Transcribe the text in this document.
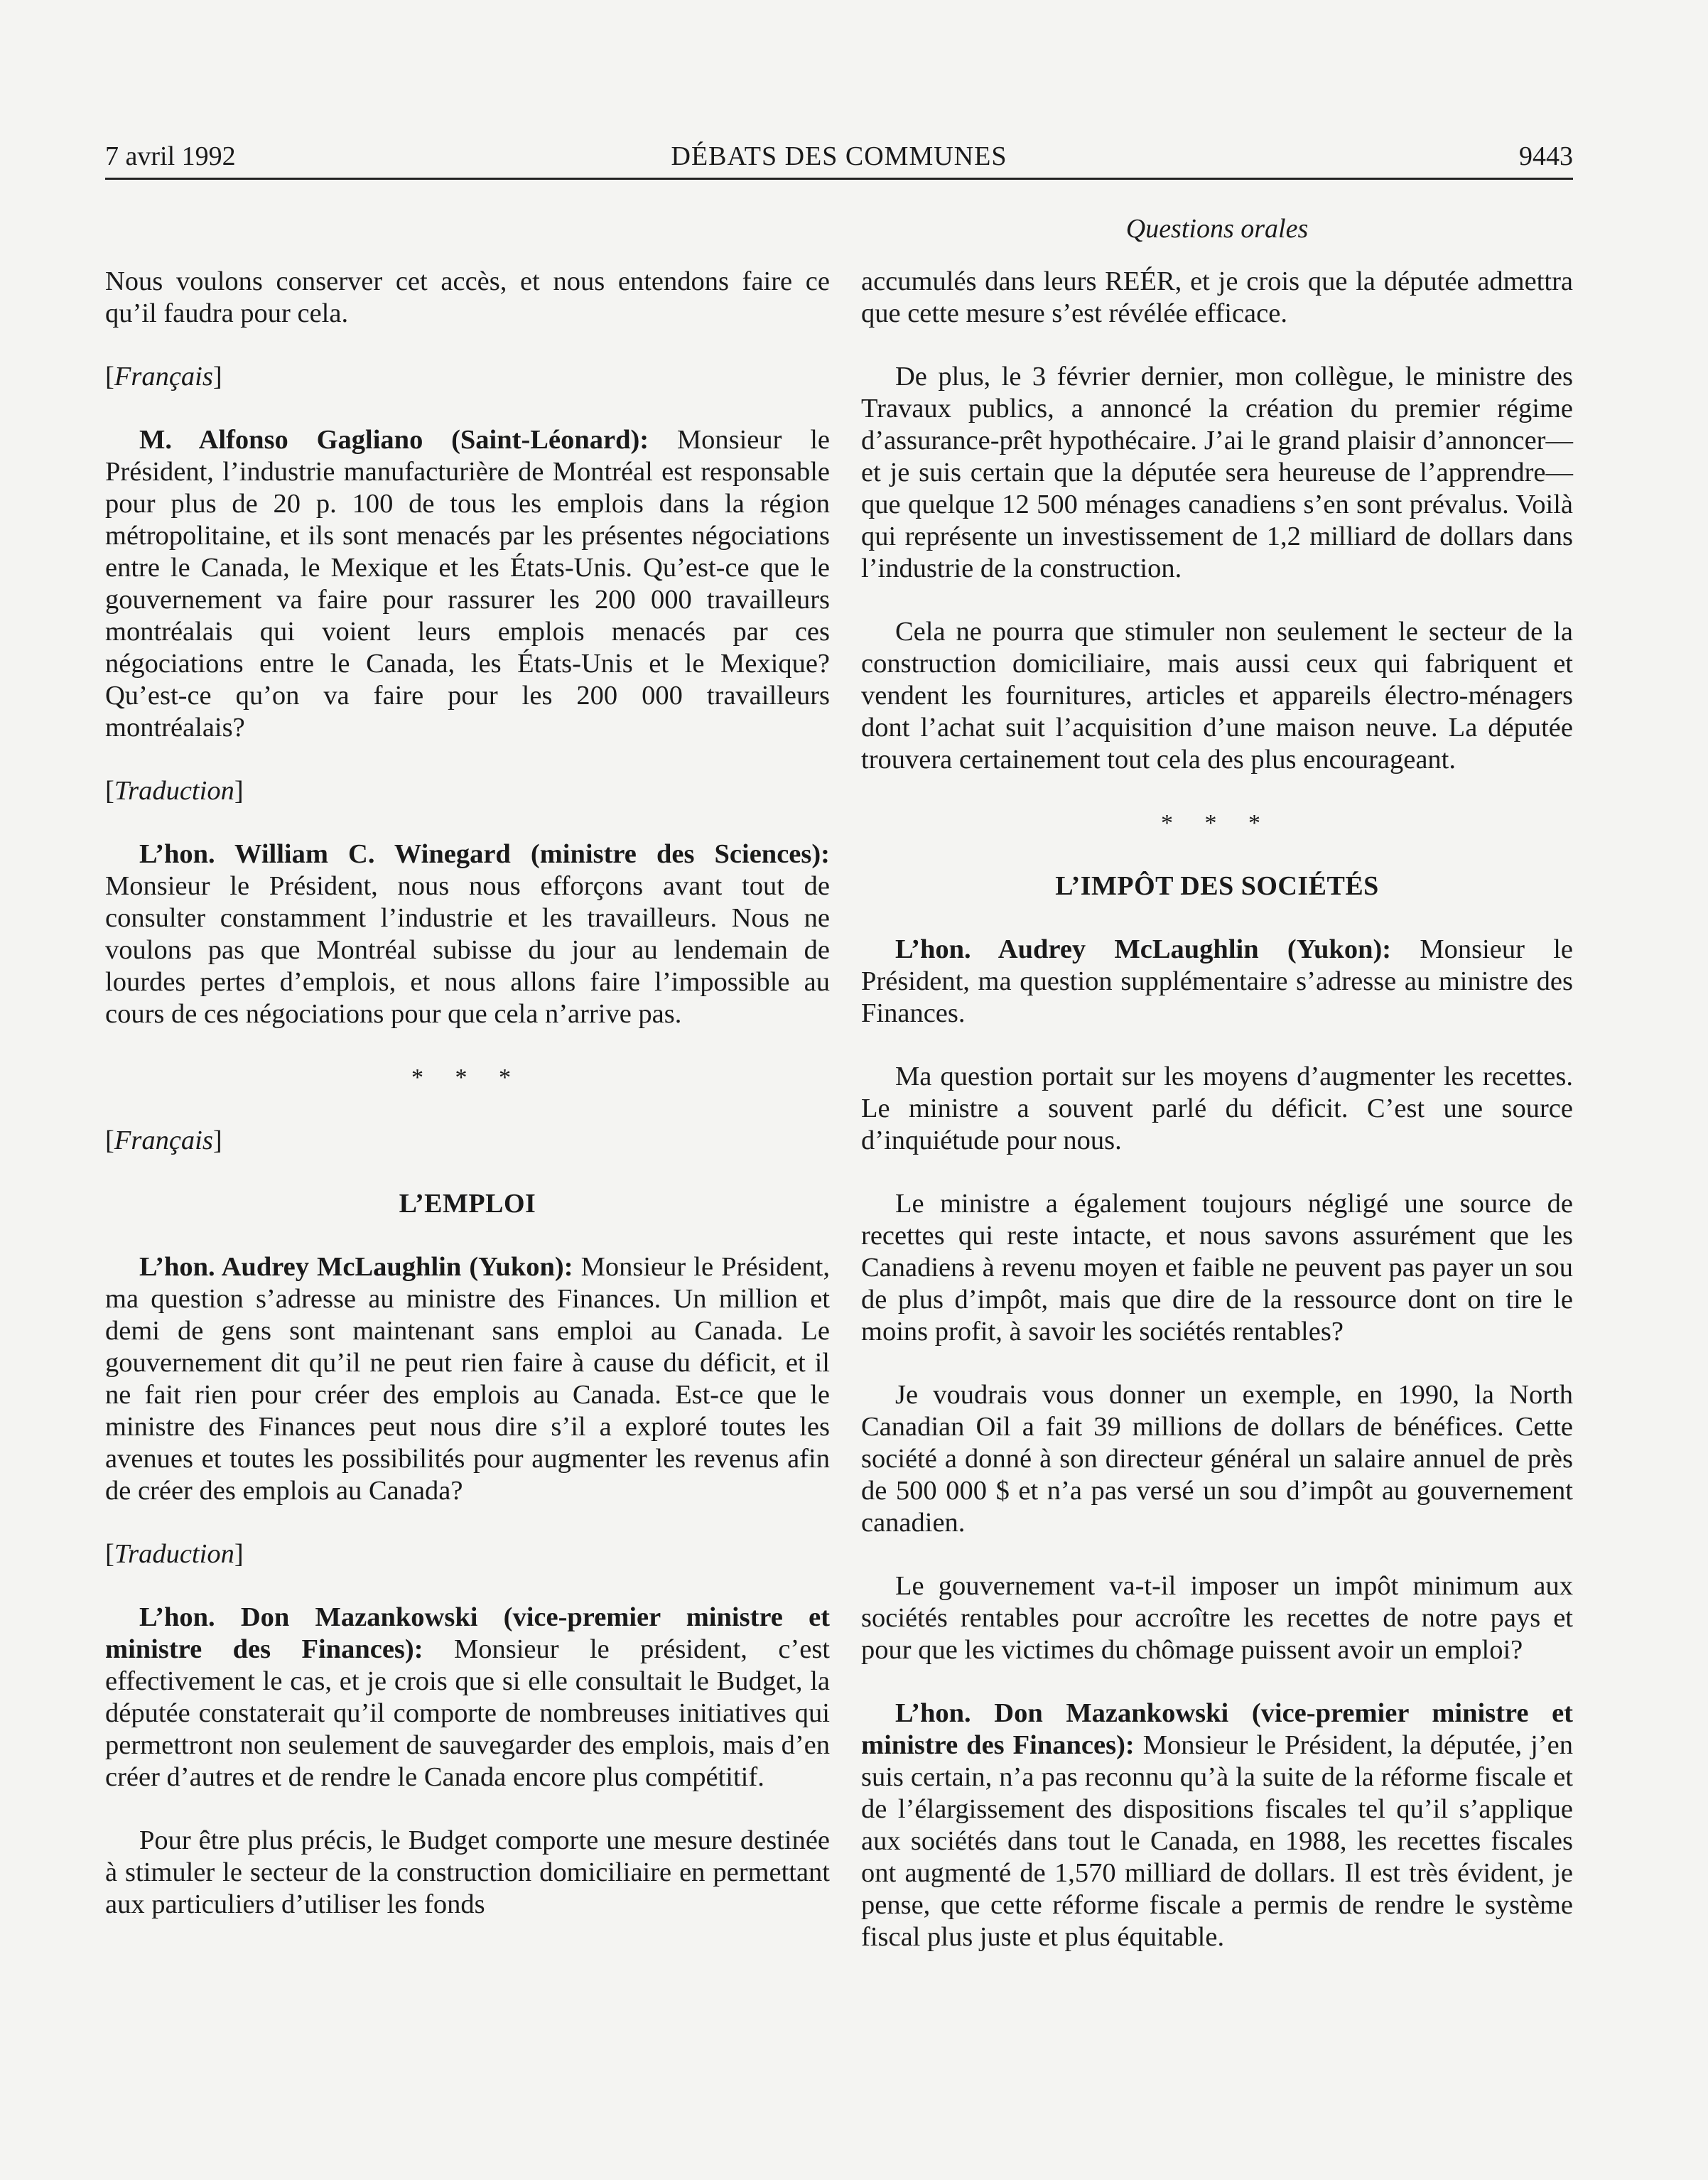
7 avril 1992	DÉBATS DES COMMUNES	9443
Questions orales

Nous voulons conserver cet accès, et nous entendons faire ce qu’il faudra pour cela.

[Français]

M. Alfonso Gagliano (Saint-Léonard): Monsieur le Président, l’industrie manufacturière de Montréal est responsable pour plus de 20 p. 100 de tous les emplois dans la région métropolitaine, et ils sont menacés par les présentes négociations entre le Canada, le Mexique et les États-Unis. Qu’est-ce que le gouvernement va faire pour rassurer les 200 000 travailleurs montréalais qui voient leurs emplois menacés par ces négociations entre le Canada, les États-Unis et le Mexique? Qu’est-ce qu’on va faire pour les 200 000 travailleurs montréalais?

[Traduction]

L’hon. William C. Winegard (ministre des Sciences): Monsieur le Président, nous nous efforçons avant tout de consulter constamment l’industrie et les travailleurs. Nous ne voulons pas que Montréal subisse du jour au lendemain de lourdes pertes d’emplois, et nous allons faire l’impossible au cours de ces négociations pour que cela n’arrive pas.

* * *
[Français]
L’EMPLOI

L’hon. Audrey McLaughlin (Yukon): Monsieur le Président, ma question s’adresse au ministre des Finances. Un million et demi de gens sont maintenant sans emploi au Canada. Le gouvernement dit qu’il ne peut rien faire à cause du déficit, et il ne fait rien pour créer des emplois au Canada. Est-ce que le ministre des Finances peut nous dire s’il a exploré toutes les avenues et toutes les possibilités pour augmenter les revenus afin de créer des emplois au Canada?

[Traduction]

L’hon. Don Mazankowski (vice-premier ministre et ministre des Finances): Monsieur le président, c’est effectivement le cas, et je crois que si elle consultait le Budget, la députée constaterait qu’il comporte de nombreuses initiatives qui permettront non seulement de sauvegarder des emplois, mais d’en créer d’autres et de rendre le Canada encore plus compétitif.

Pour être plus précis, le Budget comporte une mesure destinée à stimuler le secteur de la construction domiciliaire en permettant aux particuliers d’utiliser les fonds

accumulés dans leurs REÉR, et je crois que la députée admettra que cette mesure s’est révélée efficace.

De plus, le 3 février dernier, mon collègue, le ministre des Travaux publics, a annoncé la création du premier régime d’assurance-prêt hypothécaire. J’ai le grand plaisir d’annoncer—et je suis certain que la députée sera heureuse de l’apprendre—que quelque 12 500 ménages canadiens s’en sont prévalus. Voilà qui représente un investissement de 1,2 milliard de dollars dans l’industrie de la construction.

Cela ne pourra que stimuler non seulement le secteur de la construction domiciliaire, mais aussi ceux qui fabriquent et vendent les fournitures, articles et appareils électro-ménagers dont l’achat suit l’acquisition d’une maison neuve. La députée trouvera certainement tout cela des plus encourageant.

* * *
L’IMPÔT DES SOCIÉTÉS

L’hon. Audrey McLaughlin (Yukon): Monsieur le Président, ma question supplémentaire s’adresse au ministre des Finances.

Ma question portait sur les moyens d’augmenter les recettes. Le ministre a souvent parlé du déficit. C’est une source d’inquiétude pour nous.

Le ministre a également toujours négligé une source de recettes qui reste intacte, et nous savons assurément que les Canadiens à revenu moyen et faible ne peuvent pas payer un sou de plus d’impôt, mais que dire de la ressource dont on tire le moins profit, à savoir les sociétés rentables?

Je voudrais vous donner un exemple, en 1990, la North Canadian Oil a fait 39 millions de dollars de bénéfices. Cette société a donné à son directeur général un salaire annuel de près de 500 000 $ et n’a pas versé un sou d’impôt au gouvernement canadien.

Le gouvernement va-t-il imposer un impôt minimum aux sociétés rentables pour accroître les recettes de notre pays et pour que les victimes du chômage puissent avoir un emploi?

L’hon. Don Mazankowski (vice-premier ministre et ministre des Finances): Monsieur le Président, la députée, j’en suis certain, n’a pas reconnu qu’à la suite de la réforme fiscale et de l’élargissement des dispositions fiscales tel qu’il s’applique aux sociétés dans tout le Canada, en 1988, les recettes fiscales ont augmenté de 1,570 milliard de dollars. Il est très évident, je pense, que cette réforme fiscale a permis de rendre le système fiscal plus juste et plus équitable.
